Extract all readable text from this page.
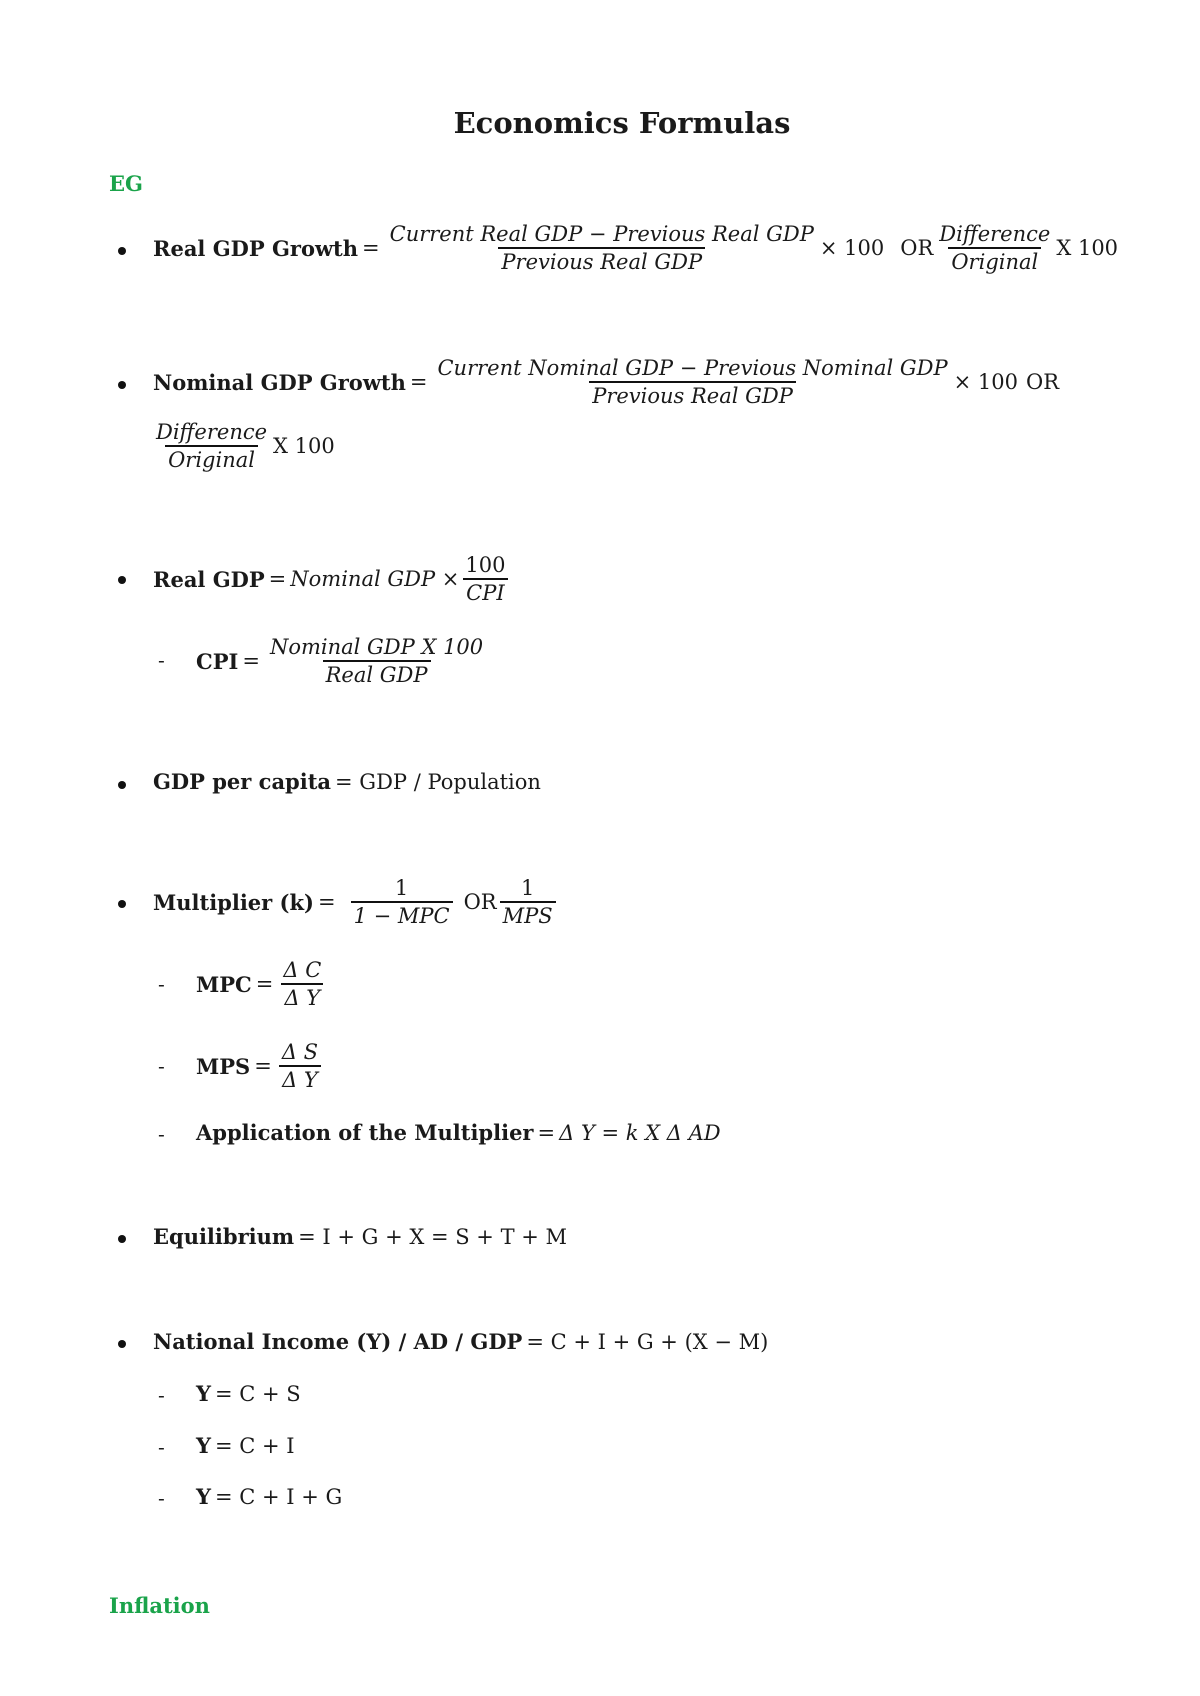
Economics Formulas
EG
Real GDP Growth = $\frac{\text{Current Real GDP − Previous Real GDP}}{\text{Previous Real GDP}} \times 100$ OR $\frac{\text{Difference}}{\text{Original}}$ X 100
Nominal GDP Growth = $\frac{\text{Current Nominal GDP − Previous Nominal GDP}}{\text{Previous Real GDP}} \times 100$ OR
$\frac{\text{Difference}}{\text{Original}}$ X 100
Real GDP = Nominal GDP × $\frac{100}{\text{CPI}}$
- CPI = $\frac{\text{Nominal GDP X 100}}{\text{Real GDP}}$
GDP per capita = GDP / Population
Multiplier $(k) = \frac{1}{\text{1 − MPC}}$ OR $\frac{1}{\text{MPS}}$
- MPC = $\frac{\text{Δ C}}{\text{Δ Y}}$
- MPS = $\frac{\text{Δ S}}{\text{Δ Y}}$
- Application of the Multiplier = Δ Y = k X Δ AD
Equilibrium = I + G + X = S + T + M
National Income (Y) / AD / GDP = C + I + G + (X − M)
- Y = C + S
- Y = C + I
- Y = C + I + G
Inflation
